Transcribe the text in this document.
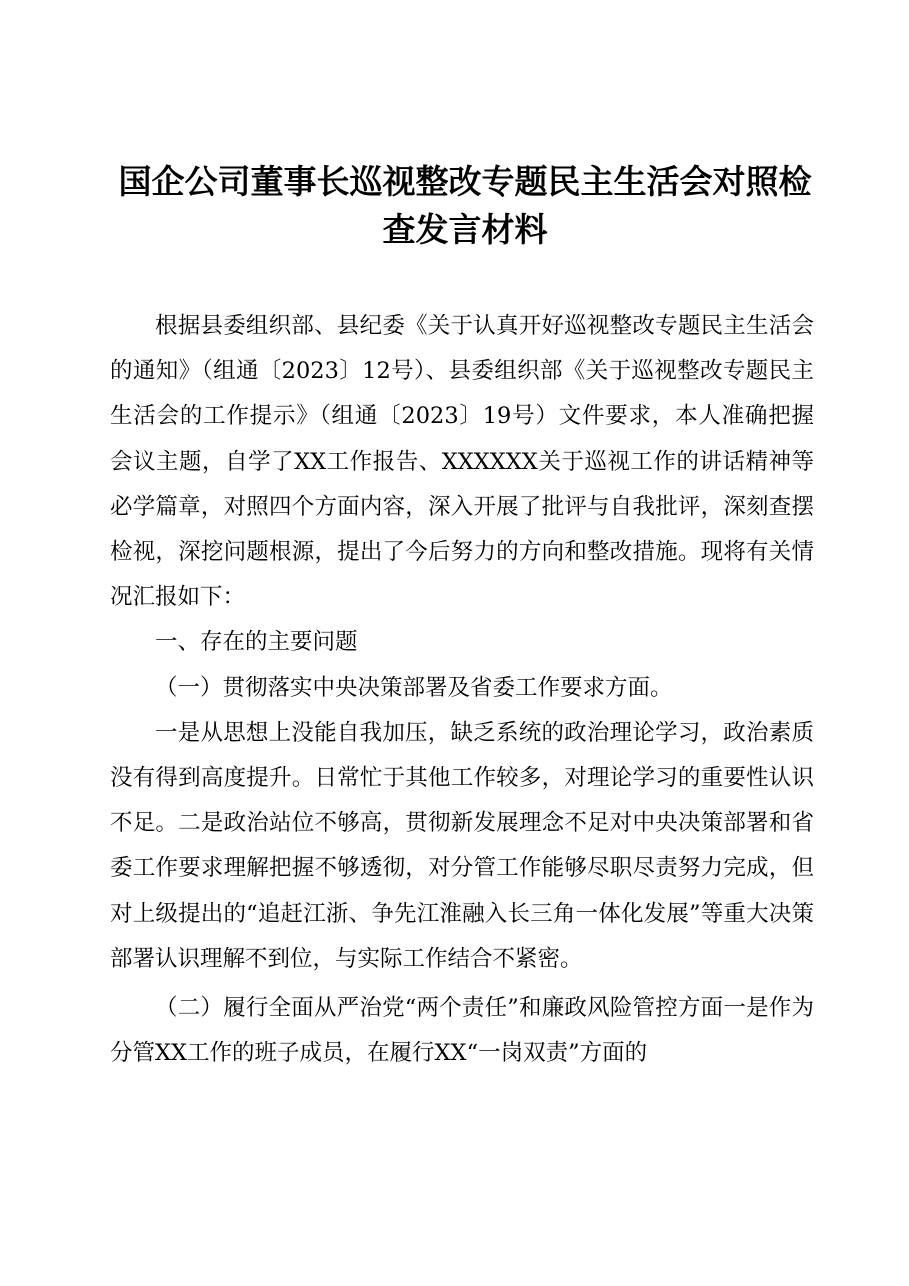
国企公司董事长巡视整改专题民主生活会对照检查发言材料

根据县委组织部、县纪委《关于认真开好巡视整改专题民主生活会的通知》（组通〔2023〕12号）、县委组织部《关于巡视整改专题民主生活会的工作提示》（组通〔2023〕19号）文件要求，本人准确把握会议主题，自学了XX工作报告、XXXXXX关于巡视工作的讲话精神等必学篇章，对照四个方面内容，深入开展了批评与自我批评，深刻查摆检视，深挖问题根源，提出了今后努力的方向和整改措施。现将有关情况汇报如下：

一、存在的主要问题

（一）贯彻落实中央决策部署及省委工作要求方面。

一是从思想上没能自我加压，缺乏系统的政治理论学习，政治素质没有得到高度提升。日常忙于其他工作较多，对理论学习的重要性认识不足。二是政治站位不够高，贯彻新发展理念不足对中央决策部署和省委工作要求理解把握不够透彻，对分管工作能够尽职尽责努力完成，但对上级提出的“追赶江浙、争先江淮融入长三角一体化发展”等重大决策部署认识理解不到位，与实际工作结合不紧密。

（二）履行全面从严治党“两个责任”和廉政风险管控方面一是作为分管XX工作的班子成员，在履行XX“一岗双责”方面的
